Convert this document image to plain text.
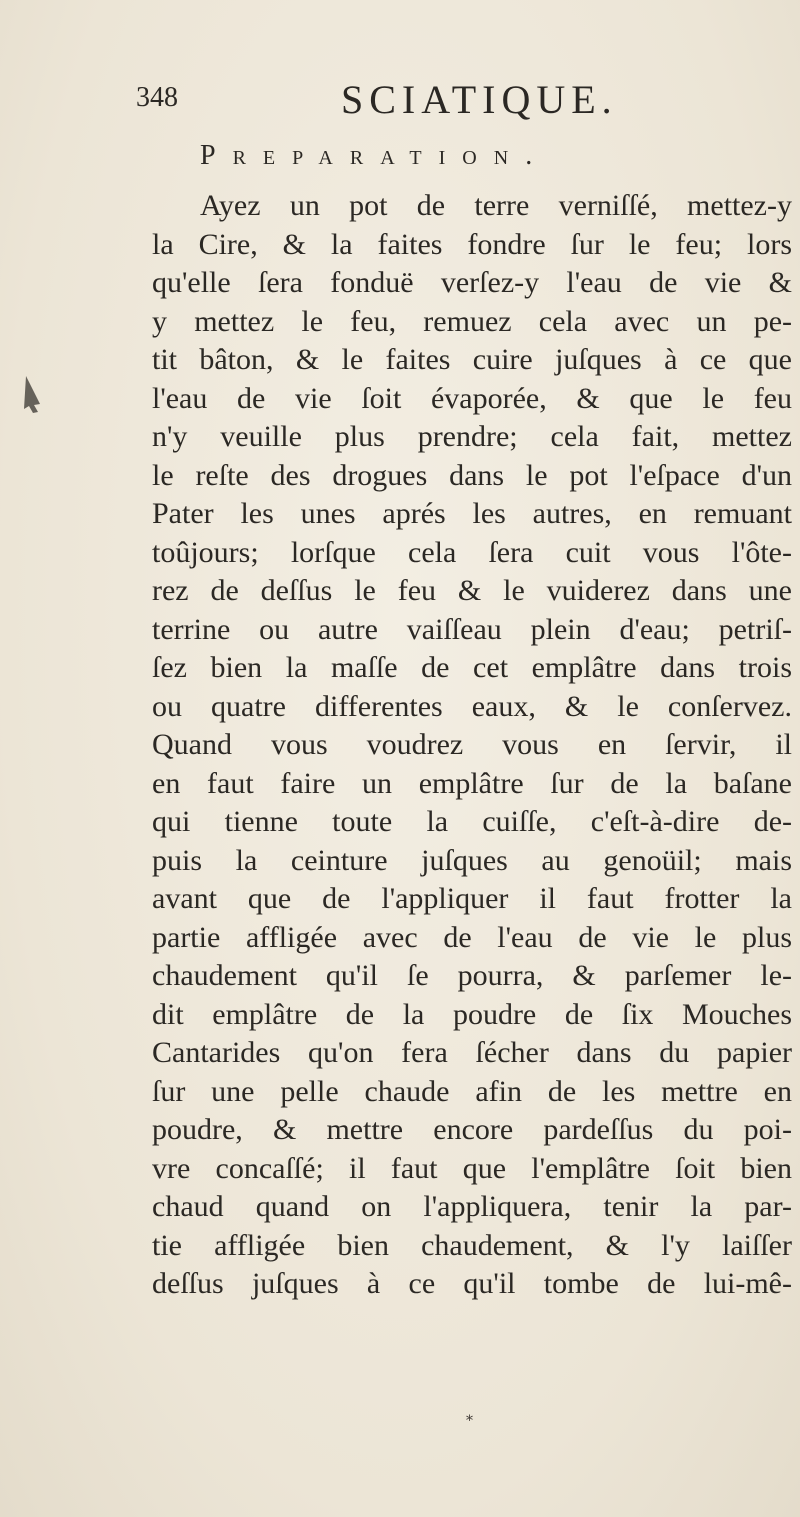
348	SCIATIQUE.
Preparation.
Ayez un pot de terre verniſſé, mettez-y
la Cire, & la faites fondre ſur le feu; lors
qu'elle ſera fonduë verſez-y l'eau de vie &
y mettez le feu, remuez cela avec un pe-
tit bâton, & le faites cuire juſques à ce que
l'eau de vie ſoit évaporée, & que le feu
n'y veuille plus prendre; cela fait, mettez
le reſte des drogues dans le pot l'eſpace d'un
Pater les unes aprés les autres, en remuant
toûjours; lorſque cela ſera cuit vous l'ôte-
rez de deſſus le feu & le vuiderez dans une
terrine ou autre vaiſſeau plein d'eau; petriſ-
ſez bien la maſſe de cet emplâtre dans trois
ou quatre differentes eaux, & le conſervez.
Quand vous voudrez vous en ſervir, il
en faut faire un emplâtre ſur de la baſane
qui tienne toute la cuiſſe, c'eſt-à-dire de-
puis la ceinture juſques au genoüil; mais
avant que de l'appliquer il faut frotter la
partie affligée avec de l'eau de vie le plus
chaudement qu'il ſe pourra, & parſemer le-
dit emplâtre de la poudre de ſix Mouches
Cantarides qu'on fera ſécher dans du papier
ſur une pelle chaude afin de les mettre en
poudre, & mettre encore pardeſſus du poi-
vre concaſſé; il faut que l'emplâtre ſoit bien
chaud quand on l'appliquera, tenir la par-
tie affligée bien chaudement, & l'y laiſſer
deſſus juſques à ce qu'il tombe de lui-mê-
*
